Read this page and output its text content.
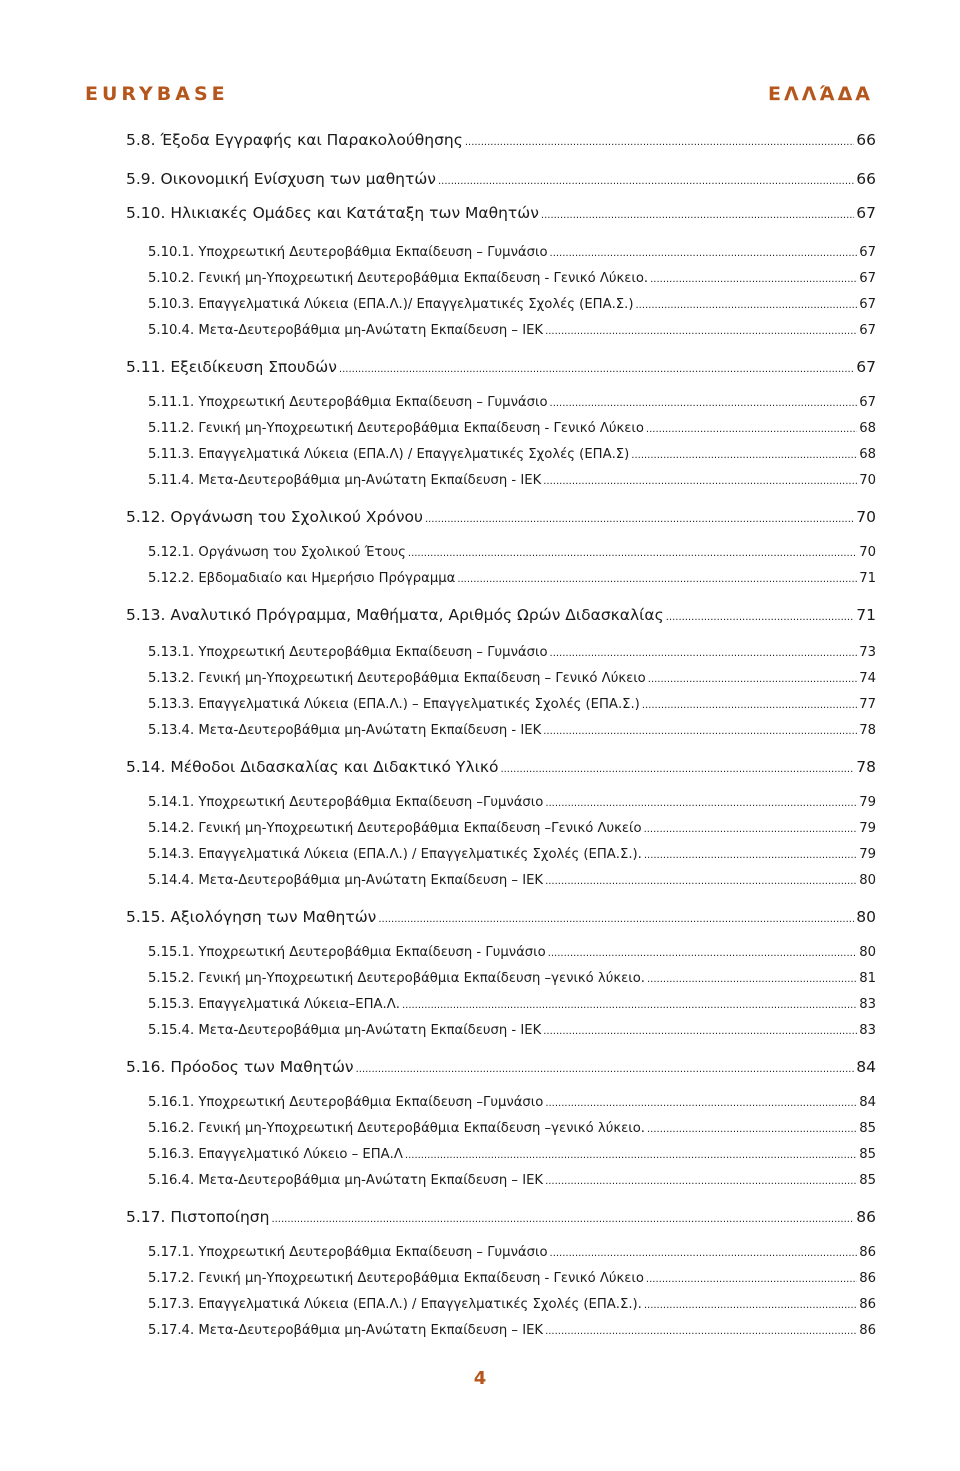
EURYBASE	ΕΛΛΆΔΑ
5.8. Έξοδα Εγγραφής και Παρακολούθησης .....	66
5.9. Οικονομική Ενίσχυση των μαθητών .....	66
5.10. Ηλικιακές Ομάδες και Κατάταξη των Μαθητών .....	67
5.10.1. Υποχρεωτική Δευτεροβάθμια Εκπαίδευση – Γυμνάσιο .....	67
5.10.2. Γενική μη-Υποχρεωτική Δευτεροβάθμια Εκπαίδευση - Γενικό Λύκειο. .....	67
5.10.3. Επαγγελματικά Λύκεια (ΕΠΑ.Λ.)/ Επαγγελματικές Σχολές (ΕΠΑ.Σ.) .....	67
5.10.4. Μετα-Δευτεροβάθμια μη-Ανώτατη Εκπαίδευση – ΙΕΚ .....	67
5.11. Εξειδίκευση Σπουδών .....	67
5.11.1. Υποχρεωτική Δευτεροβάθμια Εκπαίδευση – Γυμνάσιο .....	67
5.11.2. Γενική μη-Υποχρεωτική Δευτεροβάθμια Εκπαίδευση - Γενικό Λύκειο .....	68
5.11.3. Επαγγελματικά Λύκεια (ΕΠΑ.Λ) / Επαγγελματικές Σχολές (ΕΠΑ.Σ) .....	68
5.11.4. Μετα-Δευτεροβάθμια μη-Ανώτατη Εκπαίδευση - ΙΕΚ .....	70
5.12. Οργάνωση του Σχολικού Χρόνου .....	70
5.12.1. Οργάνωση του Σχολικού Έτους .....	70
5.12.2. Εβδομαδιαίο και Ημερήσιο Πρόγραμμα .....	71
5.13. Αναλυτικό Πρόγραμμα, Μαθήματα, Αριθμός Ωρών Διδασκαλίας .....	71
5.13.1. Υποχρεωτική Δευτεροβάθμια Εκπαίδευση – Γυμνάσιο .....	73
5.13.2. Γενική μη-Υποχρεωτική Δευτεροβάθμια Εκπαίδευση – Γενικό Λύκειο .....	74
5.13.3. Επαγγελματικά Λύκεια (ΕΠΑ.Λ.) – Επαγγελματικές Σχολές (ΕΠΑ.Σ.) .....	77
5.13.4. Μετα-Δευτεροβάθμια μη-Ανώτατη Εκπαίδευση - ΙΕΚ .....	78
5.14. Μέθοδοι Διδασκαλίας και Διδακτικό Υλικό .....	78
5.14.1. Υποχρεωτική Δευτεροβάθμια Εκπαίδευση –Γυμνάσιο .....	79
5.14.2. Γενική μη-Υποχρεωτική Δευτεροβάθμια Εκπαίδευση –Γενικό Λυκείο .....	79
5.14.3. Επαγγελματικά Λύκεια (ΕΠΑ.Λ.) / Επαγγελματικές Σχολές (ΕΠΑ.Σ.). .....	79
5.14.4. Μετα-Δευτεροβάθμια μη-Ανώτατη Εκπαίδευση – ΙΕΚ .....	80
5.15. Αξιολόγηση των Μαθητών .....	80
5.15.1. Υποχρεωτική Δευτεροβάθμια Εκπαίδευση - Γυμνάσιο .....	80
5.15.2. Γενική μη-Υποχρεωτική Δευτεροβάθμια Εκπαίδευση –γενικό λύκειο. .....	81
5.15.3. Επαγγελματικά Λύκεια–ΕΠΑ.Λ. .....	83
5.15.4. Μετα-Δευτεροβάθμια μη-Ανώτατη Εκπαίδευση - ΙΕΚ .....	83
5.16. Πρόοδος των Μαθητών .....	84
5.16.1. Υποχρεωτική Δευτεροβάθμια Εκπαίδευση –Γυμνάσιο .....	84
5.16.2. Γενική μη-Υποχρεωτική Δευτεροβάθμια Εκπαίδευση –γενικό λύκειο. .....	85
5.16.3. Επαγγελματικό Λύκειο – ΕΠΑ.Λ .....	85
5.16.4. Μετα-Δευτεροβάθμια μη-Ανώτατη Εκπαίδευση – ΙΕΚ .....	85
5.17. Πιστοποίηση .....	86
5.17.1. Υποχρεωτική Δευτεροβάθμια Εκπαίδευση – Γυμνάσιο .....	86
5.17.2. Γενική μη-Υποχρεωτική Δευτεροβάθμια Εκπαίδευση - Γενικό Λύκειο .....	86
5.17.3. Επαγγελματικά Λύκεια (ΕΠΑ.Λ.) / Επαγγελματικές Σχολές (ΕΠΑ.Σ.). .....	86
5.17.4. Μετα-Δευτεροβάθμια μη-Ανώτατη Εκπαίδευση – ΙΕΚ .....	86
4
